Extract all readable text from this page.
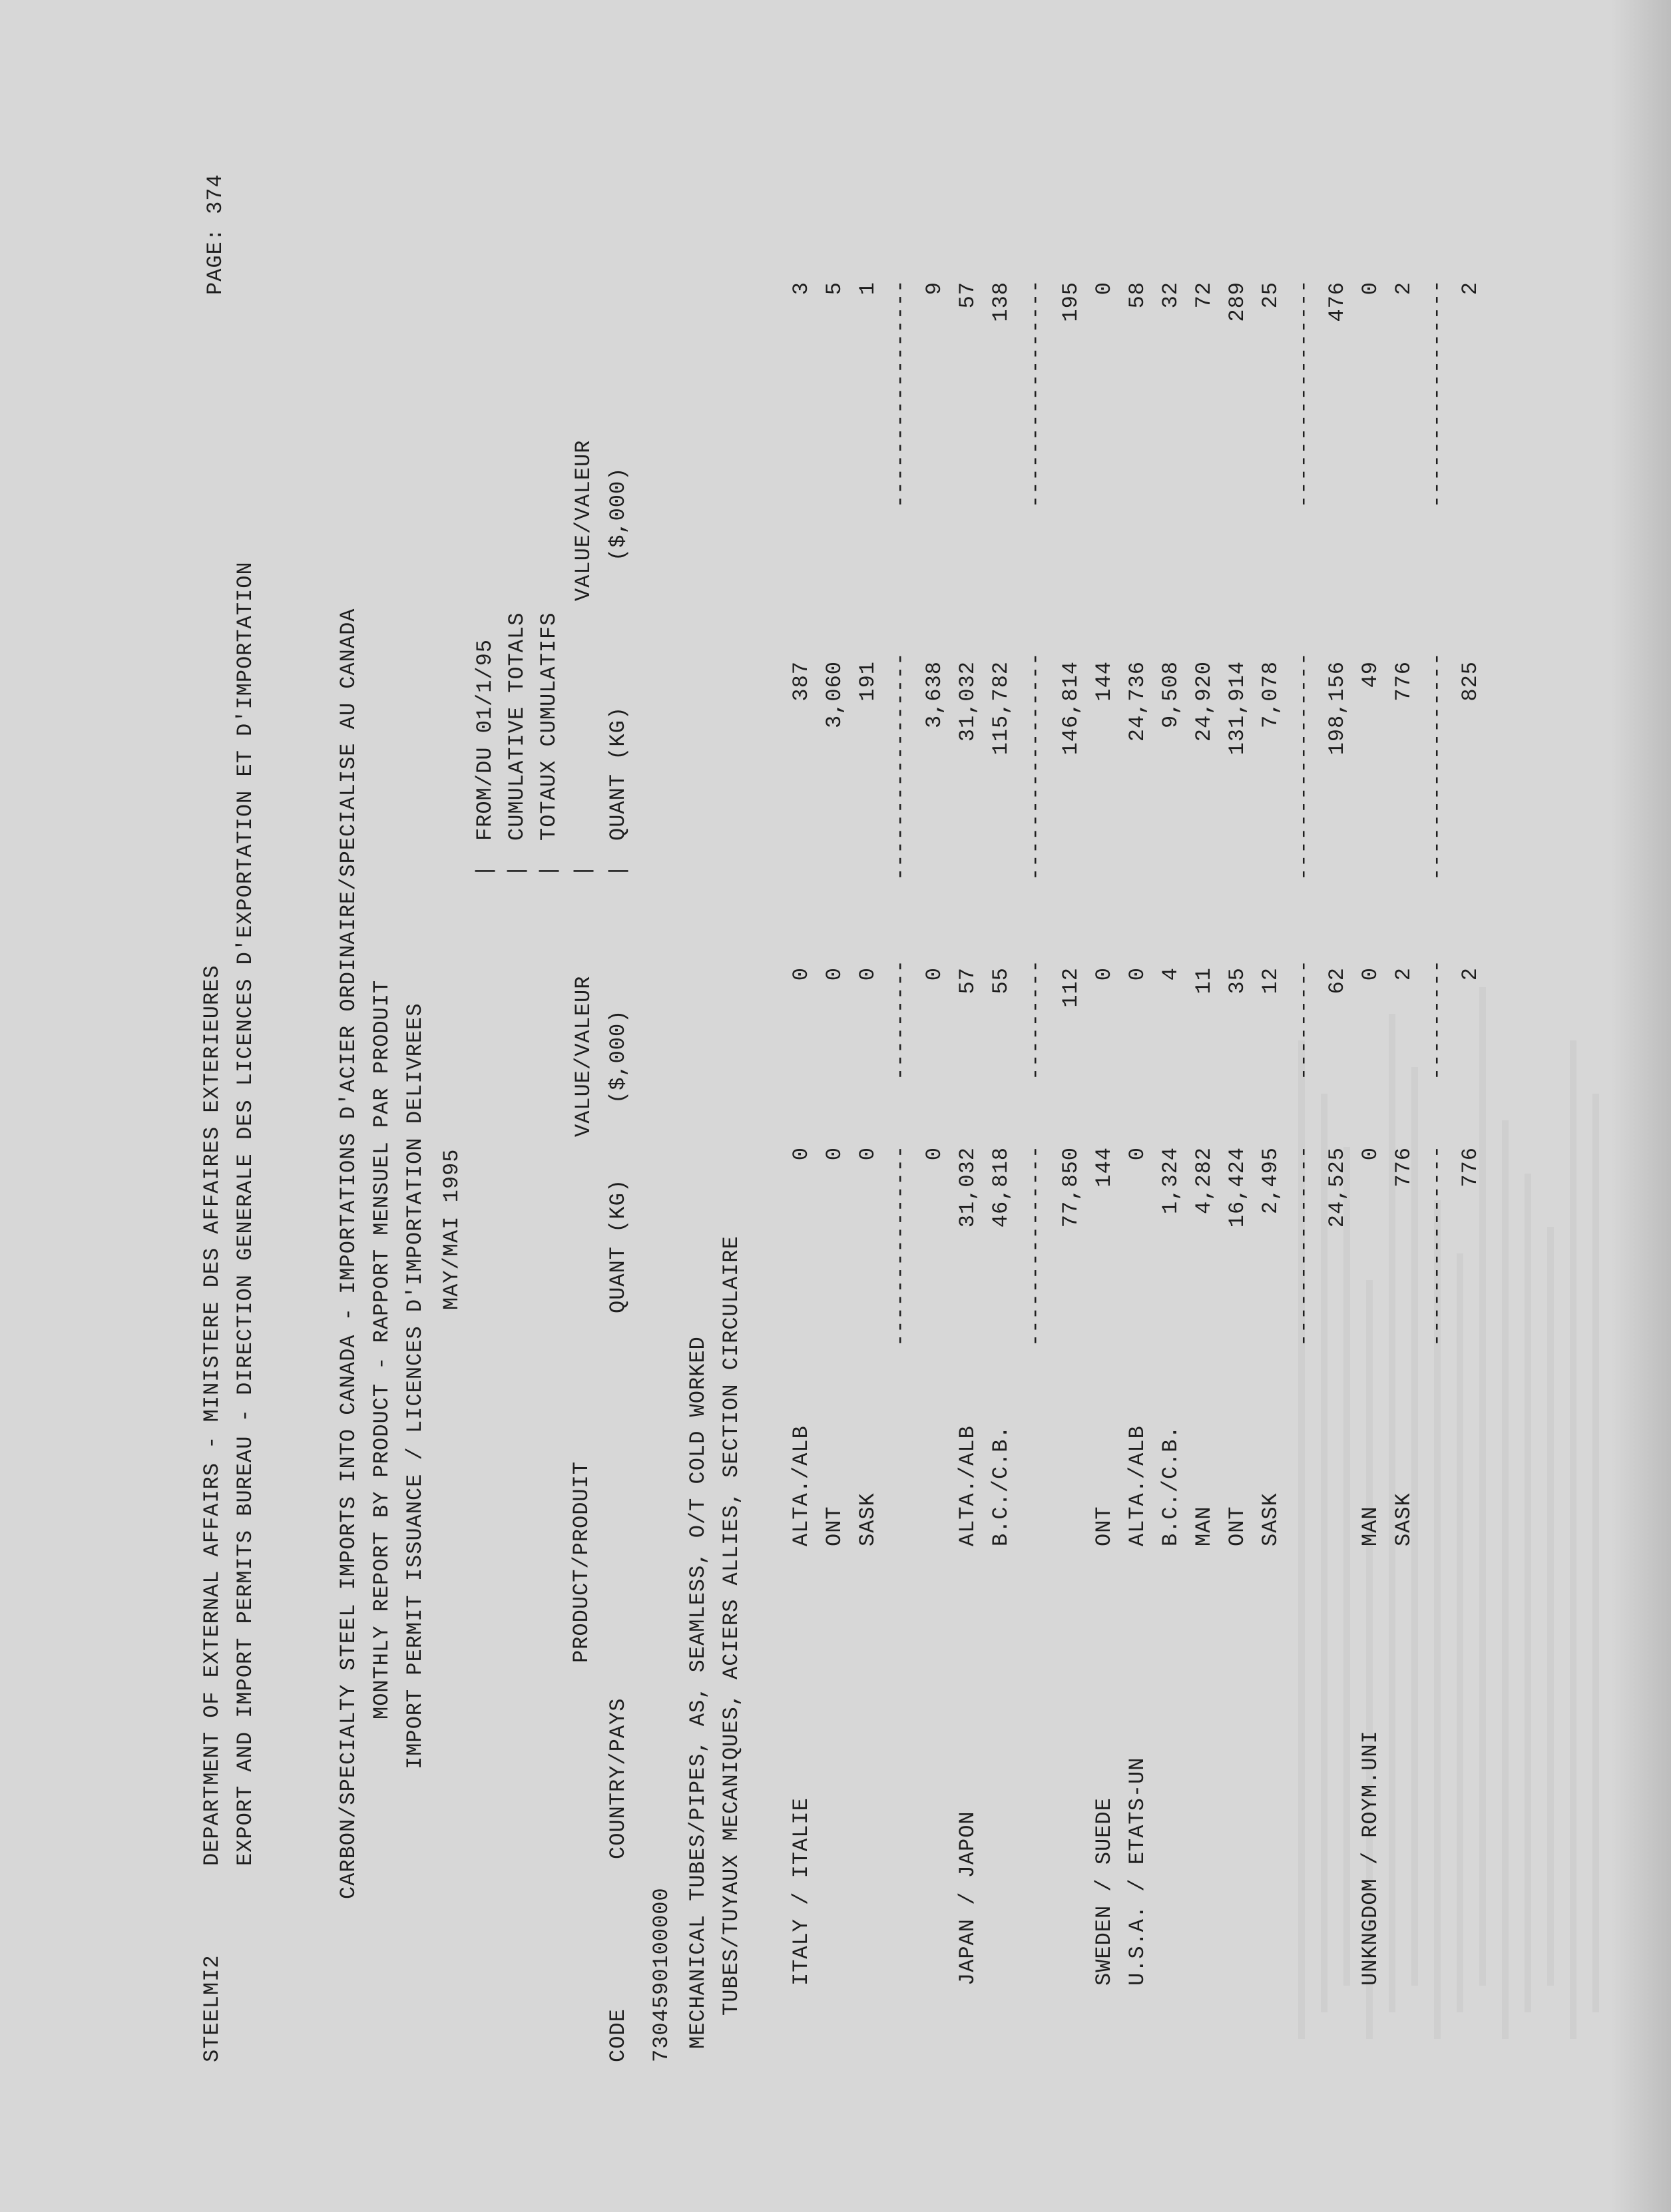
STEELMI2
DEPARTMENT OF EXTERNAL AFFAIRS - MINISTERE DES AFFAIRES EXTERIEURES
PAGE: 374
EXPORT AND IMPORT PERMITS BUREAU - DIRECTION GENERALE DES LICENCES D'EXPORTATION ET D'IMPORTATION	CARBON/SPECIALTY STEEL IMPORTS INTO CANADA - IMPORTATIONS D'ACIER ORDINAIRE/SPECIALISE AU CANADA MONTHLY REPORT BY PRODUCT - RAPPORT MENSUEL PAR PRODUIT IMPORT PERMIT ISSUANCE / LICENCES D'IMPORTATION DELIVREES MAY/MAI 1995
FROM/DU 01/1/95 CUMULATIVE TOTALS TOTAUX CUMULATIFS
VALUE/VALEUR
QUANT (KG)
($,000)
| | | | |
PRODUCT/PRODUIT
VALUE/VALEUR
CODE
COUNTRY/PAYS
QUANT (KG)
($,000)
7304590100000 MECHANICAL TUBES/PIPES, AS, SEAMLESS, O/T COLD WORKED TUBES/TUYAUX MECANIQUES, ACIERS ALLIES, SECTION CIRCULAIRE ITALY / ITALIE
ALTA./ALB
0
0
387
3
ONT
0
0
3,060
5
SASK
0
0
191
1
0
0
3,638
9
JAPAN / JAPON
ALTA./ALB
31,032
57
31,032
57
B.C./C.B.
46,818
55
115,782
138
77,850
112
146,814
195
SWEDEN / SUEDE
ONT
144
0
144
0
U.S.A. / ETATS-UN
ALTA./ALB
0
0
24,736
58
B.C./C.B.
1,324
4
9,508
32
MAN
4,282
11
24,920
72
ONT
16,424
35
131,914
289
SASK
2,495
12
7,078
25
24,525
62
198,156
476
UNKNGDOM / ROYM.UNI
MAN
0
0
49
0
SASK
776
2
776
2
776
2
825
2
---------------
---------
-----------------
-----------------
---------------
---------
-----------------
-----------------
---------------
---------
-----------------
-----------------
---------------
---------
-----------------
-----------------
